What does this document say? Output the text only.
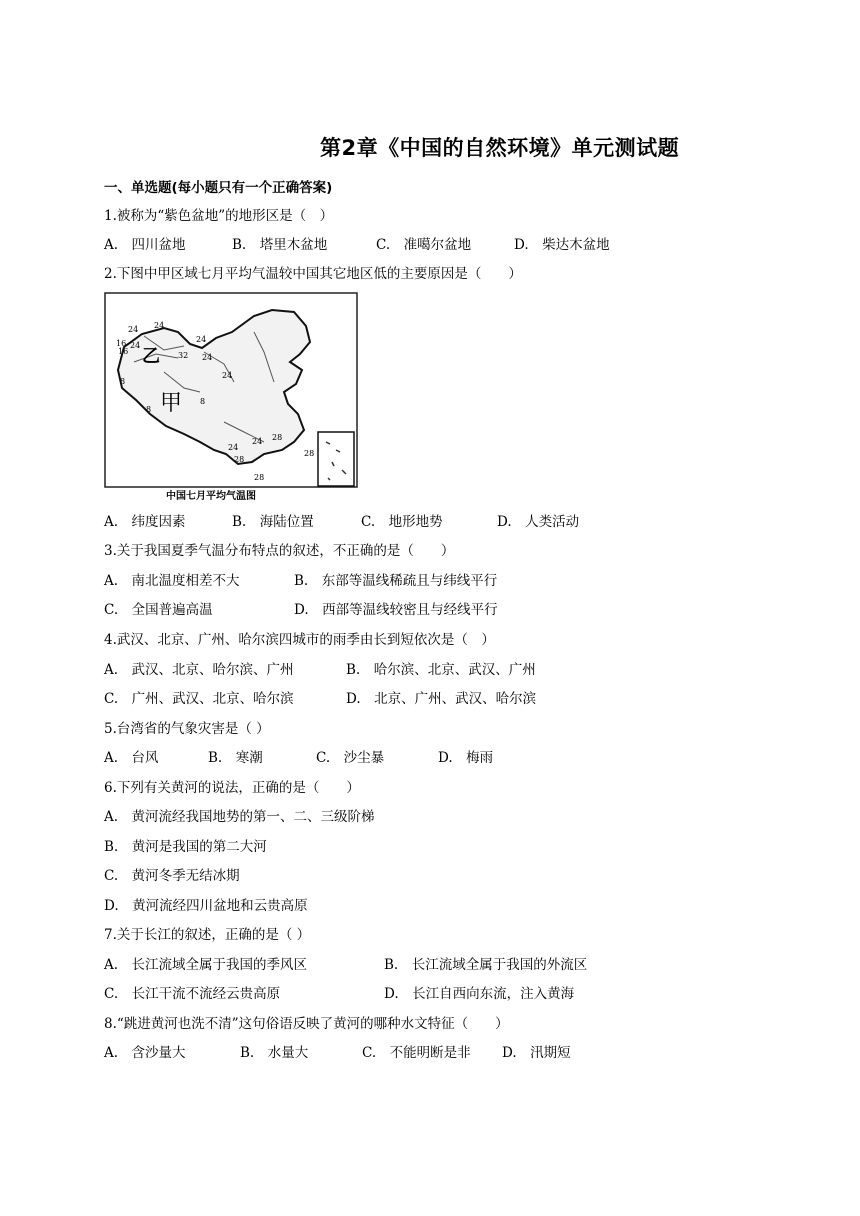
第2章《中国的自然环境》单元测试题
一、单选题(每小题只有一个正确答案)
1.被称为“紫色盆地”的地形区是（　）
A.　四川盆地	B.　塔里木盆地	C.　准噶尔盆地	D.　柴达木盆地
2.下图中甲区域七月平均气温较中国其它地区低的主要原因是（　　）
乙
甲
24 24
24
16
16	32
24
24
24
8
8
8
24
28
24 28
28
28
中国七月平均气温图
A.　纬度因素	B.　海陆位置	C.　地形地势	D.　人类活动
3.关于我国夏季气温分布特点的叙述，不正确的是（　　）
A.　南北温度相差不大	B.　东部等温线稀疏且与纬线平行
C.　全国普遍高温	D.　西部等温线较密且与经线平行
4.武汉、北京、广州、哈尔滨四城市的雨季由长到短依次是（　）
A.　武汉、北京、哈尔滨、广州	B.　哈尔滨、北京、武汉、广州
C.　广州、武汉、北京、哈尔滨	D.　北京、广州、武汉、哈尔滨
5.台湾省的气象灾害是（ ）
A.　台风	B.　寒潮	C.　沙尘暴	D.　梅雨
6.下列有关黄河的说法，正确的是（　　）
A.　黄河流经我国地势的第一、二、三级阶梯
B.　黄河是我国的第二大河
C.　黄河冬季无结冰期
D.　黄河流经四川盆地和云贵高原
7.关于长江的叙述，正确的是（ ）
A.　长江流域全属于我国的季风区	B.　长江流域全属于我国的外流区
C.　长江干流不流经云贵高原	D.　长江自西向东流，注入黄海
8.“跳进黄河也洗不清”这句俗语反映了黄河的哪种水文特征（　　）
A.　含沙量大	B.　水量大	C.　不能明断是非 D.　汛期短
